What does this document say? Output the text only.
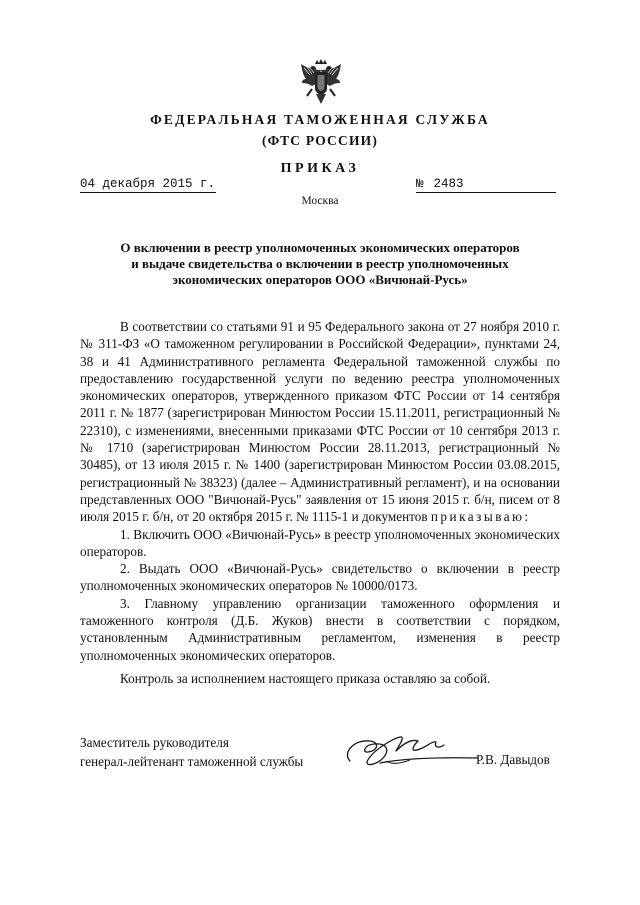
ФЕДЕРАЛЬНАЯ ТАМОЖЕННАЯ СЛУЖБА
(ФТС РОССИИ)
ПРИКАЗ
04 декабря 2015 г.	№ 2483
Москва
О включении в реестр уполномоченных экономических операторов
и выдаче свидетельства о включении в реестр уполномоченных
экономических операторов ООО «Вичюнай-Русь»

В соответствии со статьями 91 и 95 Федерального закона от 27 ноября 2010 г. № 311-ФЗ «О таможенном регулировании в Российской Федерации», пунктами 24, 38 и 41 Административного регламента Федеральной таможенной службы по предоставлению государственной услуги по ведению реестра уполномоченных экономических операторов, утвержденного приказом ФТС России от 14 сентября 2011 г. № 1877 (зарегистрирован Минюстом России 15.11.2011, регистрационный № 22310), с изменениями, внесенными приказами ФТС России от 10 сентября 2013 г. № 1710 (зарегистрирован Минюстом России 28.11.2013, регистрационный № 30485), от 13 июля 2015 г. № 1400 (зарегистрирован Минюстом России 03.08.2015, регистрационный № 38323) (далее – Административный регламент), и на основании представленных ООО "Вичюнай-Русь" заявления от 15 июня 2015 г. б/н, писем от 8 июля 2015 г. б/н, от 20 октября 2015 г. № 1115-1 и документов приказываю:

1. Включить ООО «Вичюнай-Русь» в реестр уполномоченных экономических операторов.

2. Выдать ООО «Вичюнай-Русь» свидетельство о включении в реестр уполномоченных экономических операторов № 10000/0173.

3. Главному управлению организации таможенного оформления и таможенного контроля (Д.Б. Жуков) внести в соответствии с порядком, установленным Административным регламентом, изменения в реестр уполномоченных экономических операторов.

Контроль за исполнением настоящего приказа оставляю за собой.
Заместитель руководителя
генерал-лейтенант таможенной службы	Р.В. Давыдов
